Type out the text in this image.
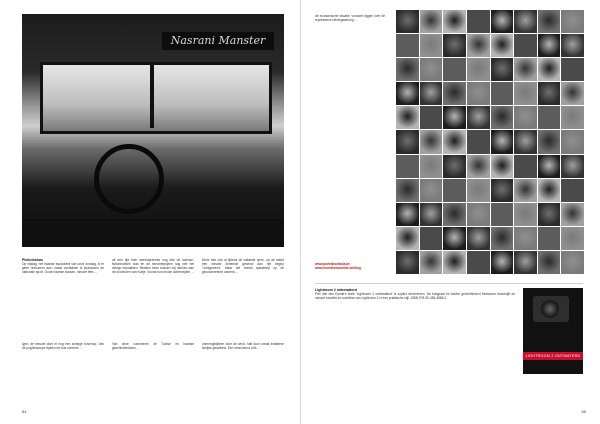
Nasrani Manster
Picknickbus

Op vrijdag, het Iraanse equivalent van onze zondag, is er geen ontkomen aan: naast voetballen is picknicken de nationale sport. Oude Iraanse bussen, nieuwe fiets ...

uit een tijd toen wereldpremies nog iets uit science-fictionboeken was en de benzineprijzen nog niet het design bepaalden. Bedden deze bussen mij denken aan de avonturen van Kuifje. Vooral hun mooie achterzijden ...

Deze foto ook al tijdens de vakantie open, op de markt een nieuwe dimensie gewend aan het begrip 'Lichtgevend'. Maar het meest spaakbrijf op de gecolonneerde camera ...

type, de nieuwe doet er nog een schepje bovenop. Van de pughuismope tijdens de bus-controle ...

Van deze cuminenen de Turkse en Iraanse geschiedenissen ...

onmengelijkeen door de wind, half door zowat initiatieve lichtjes geadfrest. Een verscheurd volk ...

84

de economische situatie, vrouwen liggen over de repressieve ideologisierung ...

www.portraitsofasia.be
www.momthemworlds.be/blog
Lightroom 2 onbewaterd

Piet Van den Eynde's boek 'Lightroom 2 onbewaterd' is zojuist verschenen. De fotograaf en Adobe gecertificeerd freelancer beschrijft de nieuwe functies en workflow van Lightroom 2 in een praktische stijl. ISBN 978-90-456-4586-0

LIGHTROOM 2 ONTWATERD
85
